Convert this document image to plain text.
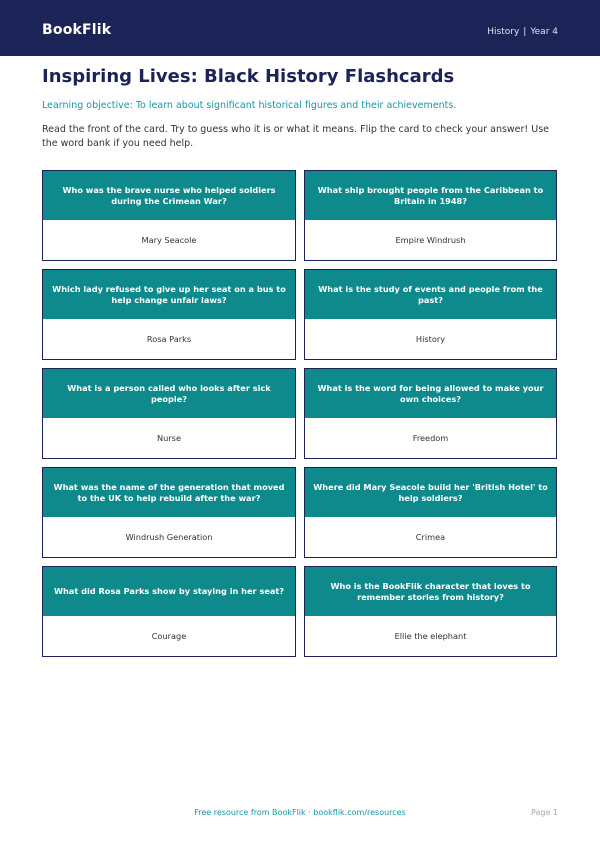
BookFlik	History | Year 4
Inspiring Lives: Black History Flashcards

Learning objective: To learn about significant historical figures and their achievements.

Read the front of the card. Try to guess who it is or what it means. Flip the card to check your answer! Use the word bank if you need help.

Who was the brave nurse who helped soldiers during the Crimean War?
Mary Seacole
What ship brought people from the Caribbean to Britain in 1948?
Empire Windrush
Which lady refused to give up her seat on a bus to help change unfair laws?
Rosa Parks
What is the study of events and people from the past?
History
What is a person called who looks after sick people?
Nurse
What is the word for being allowed to make your own choices?
Freedom
What was the name of the generation that moved to the UK to help rebuild after the war?
Windrush Generation
Where did Mary Seacole build her 'British Hotel' to help soldiers?
Crimea
What did Rosa Parks show by staying in her seat?
Courage
Who is the BookFlik character that loves to remember stories from history?
Ellie the elephant
Free resource from BookFlik · bookflik.com/resources	Page 1
